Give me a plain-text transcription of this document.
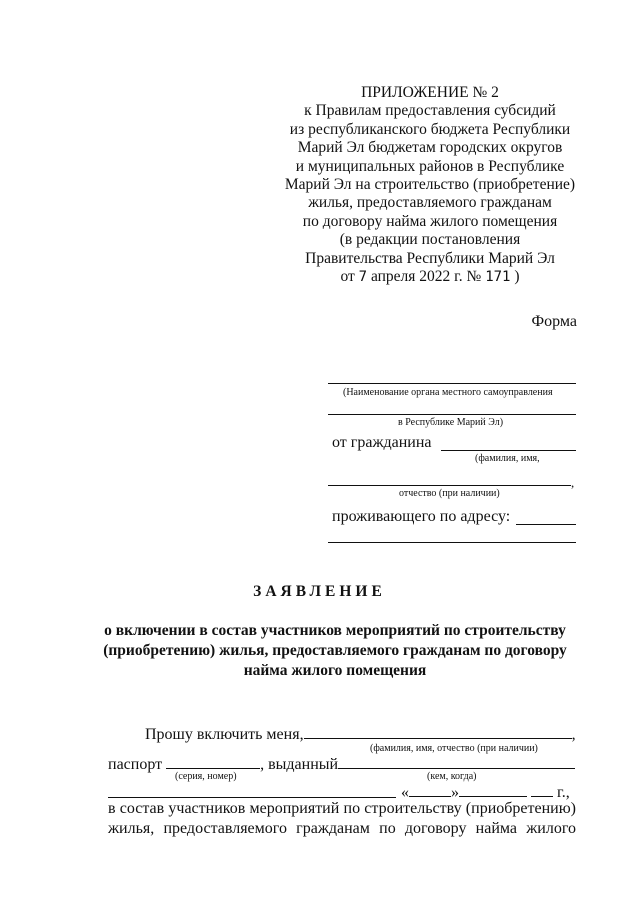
ПРИЛОЖЕНИЕ № 2
к Правилам предоставления субсидий
из республиканского бюджета Республики
Марий Эл бюджетам городских округов
и муниципальных районов в Республике
Марий Эл на строительство (приобретение)
жилья, предоставляемого гражданам
по договору найма жилого помещения
(в редакции постановления
Правительства Республики Марий Эл
от 7 апреля 2022 г. № 171 )
Форма
(Наименование органа местного самоуправления
в Республике Марий Эл)
от гражданина
(фамилия, имя,
,
отчество (при наличии)
проживающего по адресу:
ЗАЯВЛЕНИЕ
о включении в состав участников мероприятий по строительству (приобретению) жилья, предоставляемого гражданам по договору найма жилого помещения
Прошу включить меня,	,
(фамилия, имя, отчество (при наличии)
паспорт	, выданный
(серия, номер)	(кем, когда)
«	»	г.,
в состав участников мероприятий по строительству (приобретению)
жилья, предоставляемого гражданам по договору найма жилого
